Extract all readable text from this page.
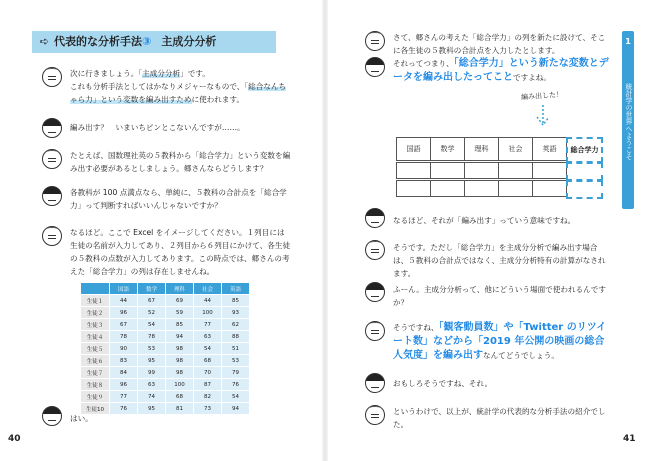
➪ 代表的な分析手法③ 主成分分析
次に行きましょう。「主成分分析」です。
これも分析手法としてはかなりメジャーなもので、「総合なんちゃら力」という変数を編み出すために使われます。
編み出す？　いまいちピンとこないんですが……。
たとえば、国数理社英の５教科から「総合学力」という変数を編み出す必要があるとしましょう。郷さんならどうします？
各教科が 100 点満点なら、単純に、５教科の合計点を「総合学力」って判断すればいいんじゃないですか？
なるほど。ここで Excel をイメージしてください。１列目には生徒の名前が入力してあり、２列目から６列目にかけて、各生徒の５教科の点数が入力してあります。この時点では、郷さんの考えた「総合学力」の列は存在しませんね。
	国語	数学	理科	社会	英語
生徒１	44	67	69	44	85
生徒２	96	52	59	100	93
生徒３	67	54	85	77	62
生徒４	78	78	94	63	88
生徒５	90	53	98	54	51
生徒６	83	95	98	68	53
生徒７	84	99	98	70	79
生徒８	96	63	100	87	76
生徒９	77	74	68	82	54
生徒10	76	95	81	73	94
はい。
40
さて、郷さんの考えた「総合学力」の列を新たに設けて、そこに各生徒の５教科の合計点を入力したとします。
それってつまり、「総合学力」という新たな変数とデータを編み出したってことですよね。
編み出した！
国語	数学	理科	社会	英語	総合学力
なるほど、それが「編み出す」っていう意味ですね。
そうです。ただし「総合学力」を主成分分析で編み出す場合は、５教科の合計点ではなく、主成分分析特有の計算がなされます。
ふーん。主成分分析って、他にどういう場面で使われるんですか？
そうですね、「観客動員数」や「Twitter のリツイート数」などから「2019 年公開の映画の総合人気度」を編み出すなんてどうでしょう。
おもしろそうですね、それ。
というわけで、以上が、統計学の代表的な分析手法の紹介でした。
1
統計学の世界へようこそ
41
